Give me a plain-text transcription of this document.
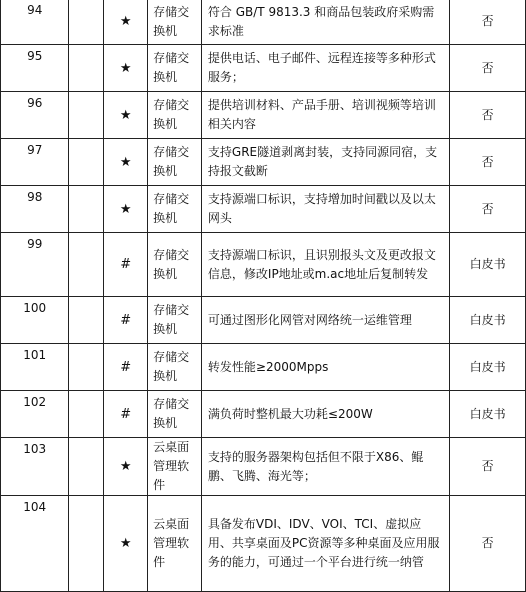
94		★	存储交换机	符合 GB/T 9813.3 和商品包装政府采购需求标准	否
95		★	存储交换机	提供电话、电子邮件、远程连接等多种形式服务；	否
96		★	存储交换机	提供培训材料、产品手册、培训视频等培训相关内容	否
97		★	存储交换机	支持GRE隧道剥离封装，支持同源同宿，支持报文截断	否
98		★	存储交换机	支持源端口标识，支持增加时间戳以及以太网头	否
99		#	存储交换机	支持源端口标识，且识别报头文及更改报文信息，修改IP地址或m.ac地址后复制转发	白皮书
100		#	存储交换机	可通过图形化网管对网络统一运维管理	白皮书
101		#	存储交换机	转发性能≥2000Mpps	白皮书
102		#	存储交换机	满负荷时整机最大功耗≤200W	白皮书
103		★	云桌面管理软件	支持的服务器架构包括但不限于X86、鲲鹏、飞腾、海光等；	否
104		★	云桌面管理软件	具备发布VDI、IDV、VOI、TCI、虚拟应用、共享桌面及PC资源等多种桌面及应用服务的能力，可通过一个平台进行统一纳管	否
